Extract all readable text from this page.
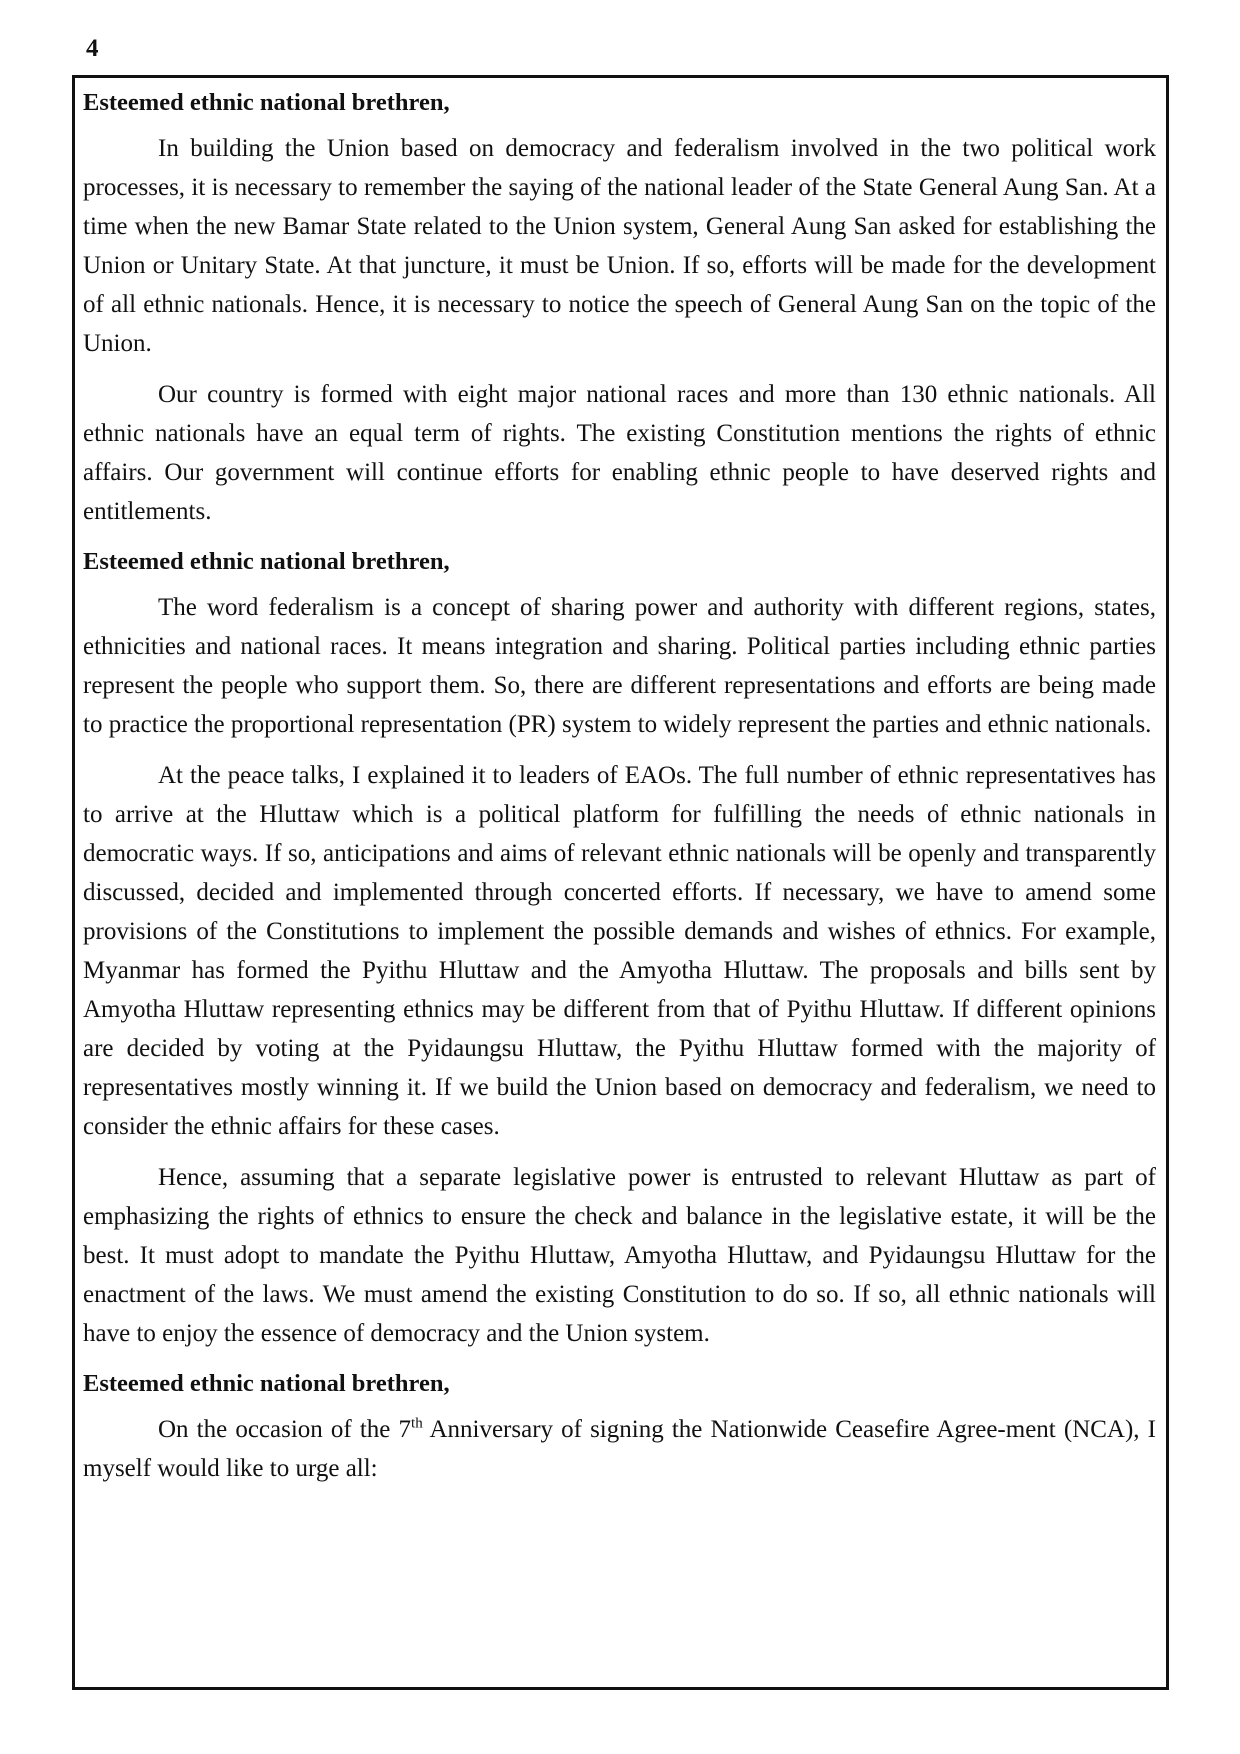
4
Esteemed ethnic national brethren,

In building the Union based on democracy and federalism involved in the two political work processes, it is necessary to remember the saying of the national leader of the State General Aung San. At a time when the new Bamar State related to the Union system, General Aung San asked for establishing the Union or Unitary State. At that juncture, it must be Union. If so, efforts will be made for the development of all ethnic nationals. Hence, it is necessary to notice the speech of General Aung San on the topic of the Union.

Our country is formed with eight major national races and more than 130 ethnic nationals. All ethnic nationals have an equal term of rights. The existing Constitution mentions the rights of ethnic affairs. Our government will continue efforts for enabling ethnic people to have deserved rights and entitlements.

Esteemed ethnic national brethren,

The word federalism is a concept of sharing power and authority with different regions, states, ethnicities and national races. It means integration and sharing. Political parties including ethnic parties represent the people who support them. So, there are different representations and efforts are being made to practice the proportional representation (PR) system to widely represent the parties and ethnic nationals.

At the peace talks, I explained it to leaders of EAOs. The full number of ethnic representatives has to arrive at the Hluttaw which is a political platform for fulfilling the needs of ethnic nationals in democratic ways. If so, anticipations and aims of relevant ethnic nationals will be openly and transparently discussed, decided and implemented through concerted efforts. If necessary, we have to amend some provisions of the Constitutions to implement the possible demands and wishes of ethnics. For example, Myanmar has formed the Pyithu Hluttaw and the Amyotha Hluttaw. The proposals and bills sent by Amyotha Hluttaw representing ethnics may be different from that of Pyithu Hluttaw. If different opinions are decided by voting at the Pyidaungsu Hluttaw, the Pyithu Hluttaw formed with the majority of representatives mostly winning it. If we build the Union based on democracy and federalism, we need to consider the ethnic affairs for these cases.

Hence, assuming that a separate legislative power is entrusted to relevant Hluttaw as part of emphasizing the rights of ethnics to ensure the check and balance in the legislative estate, it will be the best. It must adopt to mandate the Pyithu Hluttaw, Amyotha Hluttaw, and Pyidaungsu Hluttaw for the enactment of the laws. We must amend the existing Constitution to do so. If so, all ethnic nationals will have to enjoy the essence of democracy and the Union system.

Esteemed ethnic national brethren,

On the occasion of the 7th Anniversary of signing the Nationwide Ceasefire Agree-ment (NCA), I myself would like to urge all:
